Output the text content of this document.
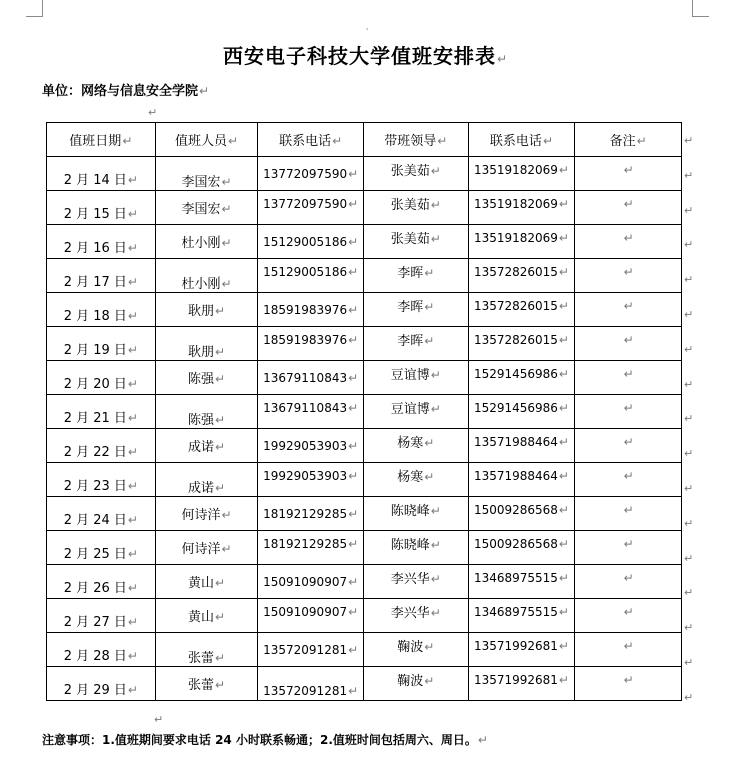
西安电子科技大学值班安排表↵
'
单位：网络与信息安全学院↵
↵
值班日期↵	值班人员↵	联系电话↵	带班领导↵	联系电话↵	备注↵
2 月 14 日↵	李国宏↵	13772097590↵	张美茹↵	13519182069↵	↵
2 月 15 日↵	李国宏↵	13772097590↵	张美茹↵	13519182069↵	↵
2 月 16 日↵	杜小刚↵	15129005186↵	张美茹↵	13519182069↵	↵
2 月 17 日↵	杜小刚↵	15129005186↵	李晖↵	13572826015↵	↵
2 月 18 日↵	耿朋↵	18591983976↵	李晖↵	13572826015↵	↵
2 月 19 日↵	耿朋↵	18591983976↵	李晖↵	13572826015↵	↵
2 月 20 日↵	陈强↵	13679110843↵	豆谊博↵	15291456986↵	↵
2 月 21 日↵	陈强↵	13679110843↵	豆谊博↵	15291456986↵	↵
2 月 22 日↵	成诺↵	19929053903↵	杨寒↵	13571988464↵	↵
2 月 23 日↵	成诺↵	19929053903↵	杨寒↵	13571988464↵	↵
2 月 24 日↵	何诗洋↵	18192129285↵	陈晓峰↵	15009286568↵	↵
2 月 25 日↵	何诗洋↵	18192129285↵	陈晓峰↵	15009286568↵	↵
2 月 26 日↵	黄山↵	15091090907↵	李兴华↵	13468975515↵	↵
2 月 27 日↵	黄山↵	15091090907↵	李兴华↵	13468975515↵	↵
2 月 28 日↵	张蕾↵	13572091281↵	鞠波↵	13571992681↵	↵
2 月 29 日↵	张蕾↵	13572091281↵	鞠波↵	13571992681↵	↵
↵
↵
↵
↵
↵
↵
↵
↵
↵
↵
↵
↵
↵
↵
↵
↵
↵
↵
注意事项：1.值班期间要求电话 24 小时联系畅通；2.值班时间包括周六、周日。↵
